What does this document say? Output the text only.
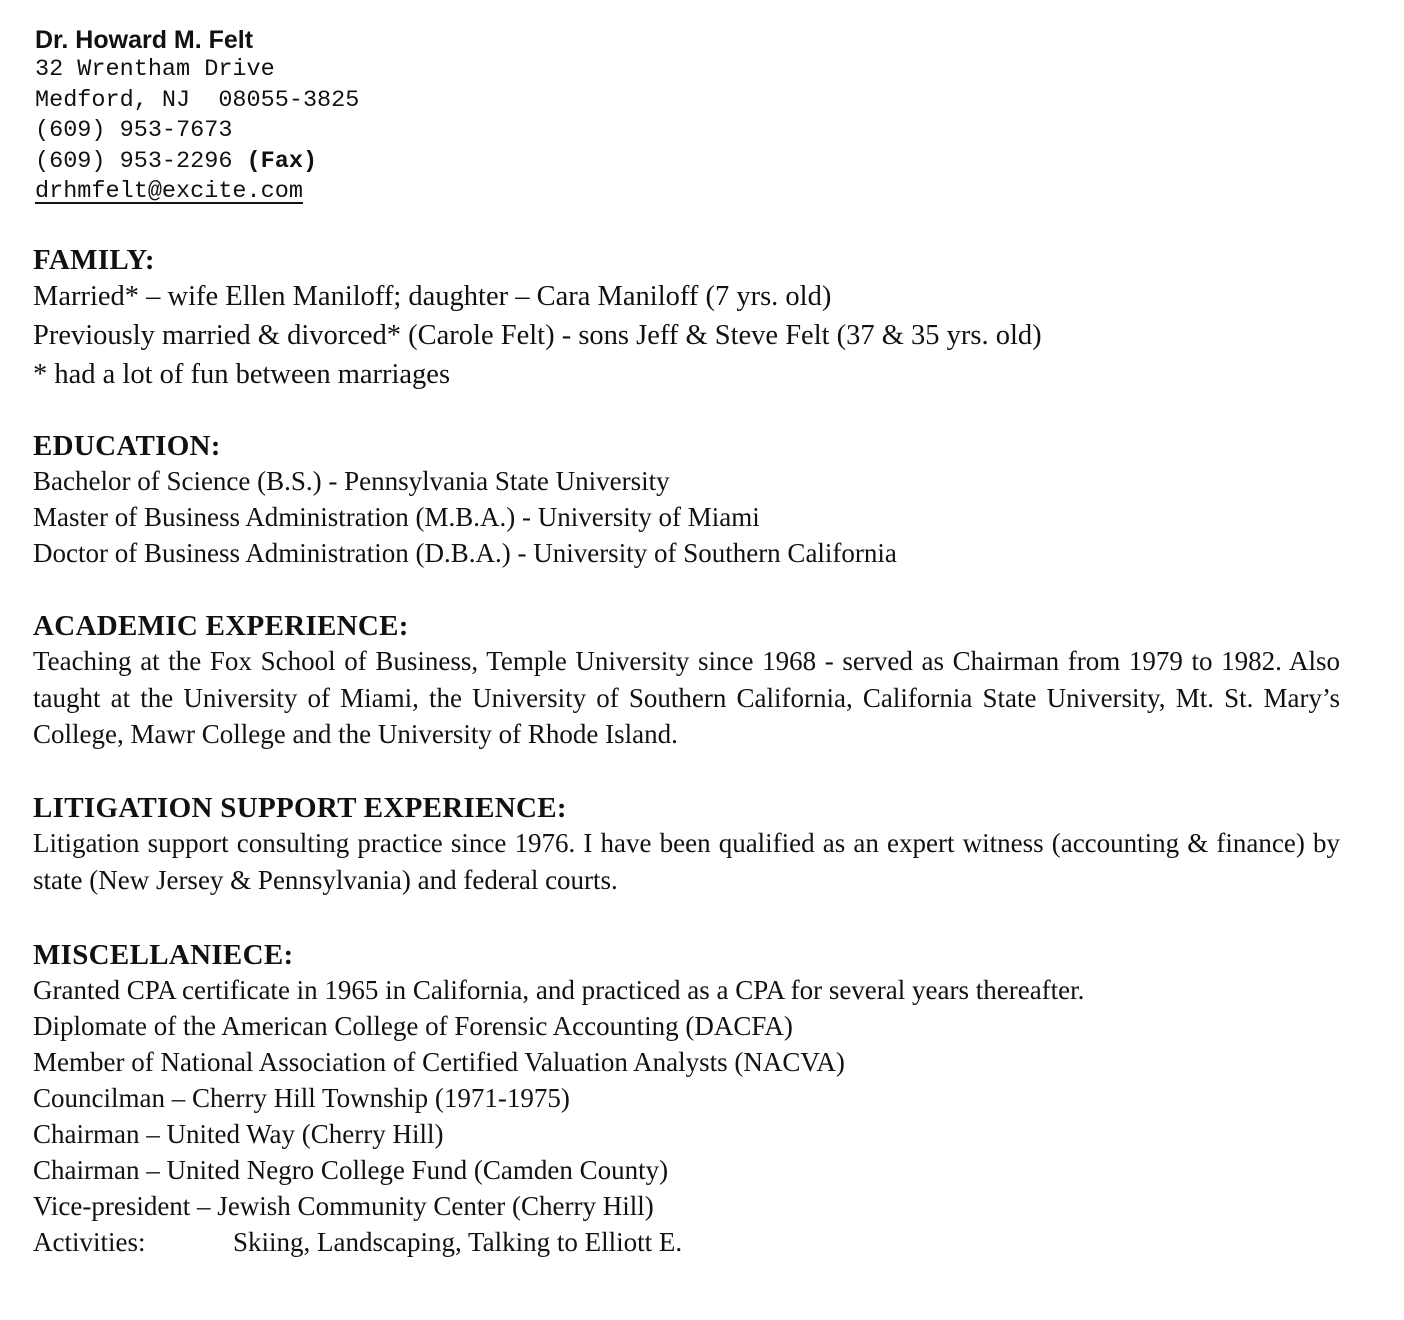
Dr. Howard M. Felt

32 Wrentham Drive

Medford, NJ  08055-3825

(609) 953-7673

(609) 953-2296 (Fax)

drhmfelt@excite.com

FAMILY:

Married* – wife Ellen Maniloff; daughter – Cara Maniloff (7 yrs. old)

Previously married & divorced* (Carole Felt) - sons Jeff & Steve Felt (37 & 35 yrs. old)

* had a lot of fun between marriages

EDUCATION:

Bachelor of Science (B.S.) - Pennsylvania State University

Master of Business Administration (M.B.A.) - University of Miami

Doctor of Business Administration (D.B.A.) - University of Southern California

ACADEMIC EXPERIENCE:

Teaching at the Fox School of Business, Temple University since 1968 - served as Chairman from 1979 to 1982. Also taught at the University of Miami, the University of Southern California, California State University, Mt. St. Mary’s College, Mawr College and the University of Rhode Island.

LITIGATION SUPPORT EXPERIENCE:

Litigation support consulting practice since 1976. I have been qualified as an expert witness (accounting & finance) by state (New Jersey & Pennsylvania) and federal courts.

MISCELLANIECE:

Granted CPA certificate in 1965 in California, and practiced as a CPA for several years thereafter.

Diplomate of the American College of Forensic Accounting (DACFA)

Member of National Association of Certified Valuation Analysts (NACVA)

Councilman – Cherry Hill Township (1971-1975)

Chairman – United Way (Cherry Hill)

Chairman – United Negro College Fund (Camden County)

Vice-president – Jewish Community Center (Cherry Hill)

Activities:	Skiing, Landscaping, Talking to Elliott E.
